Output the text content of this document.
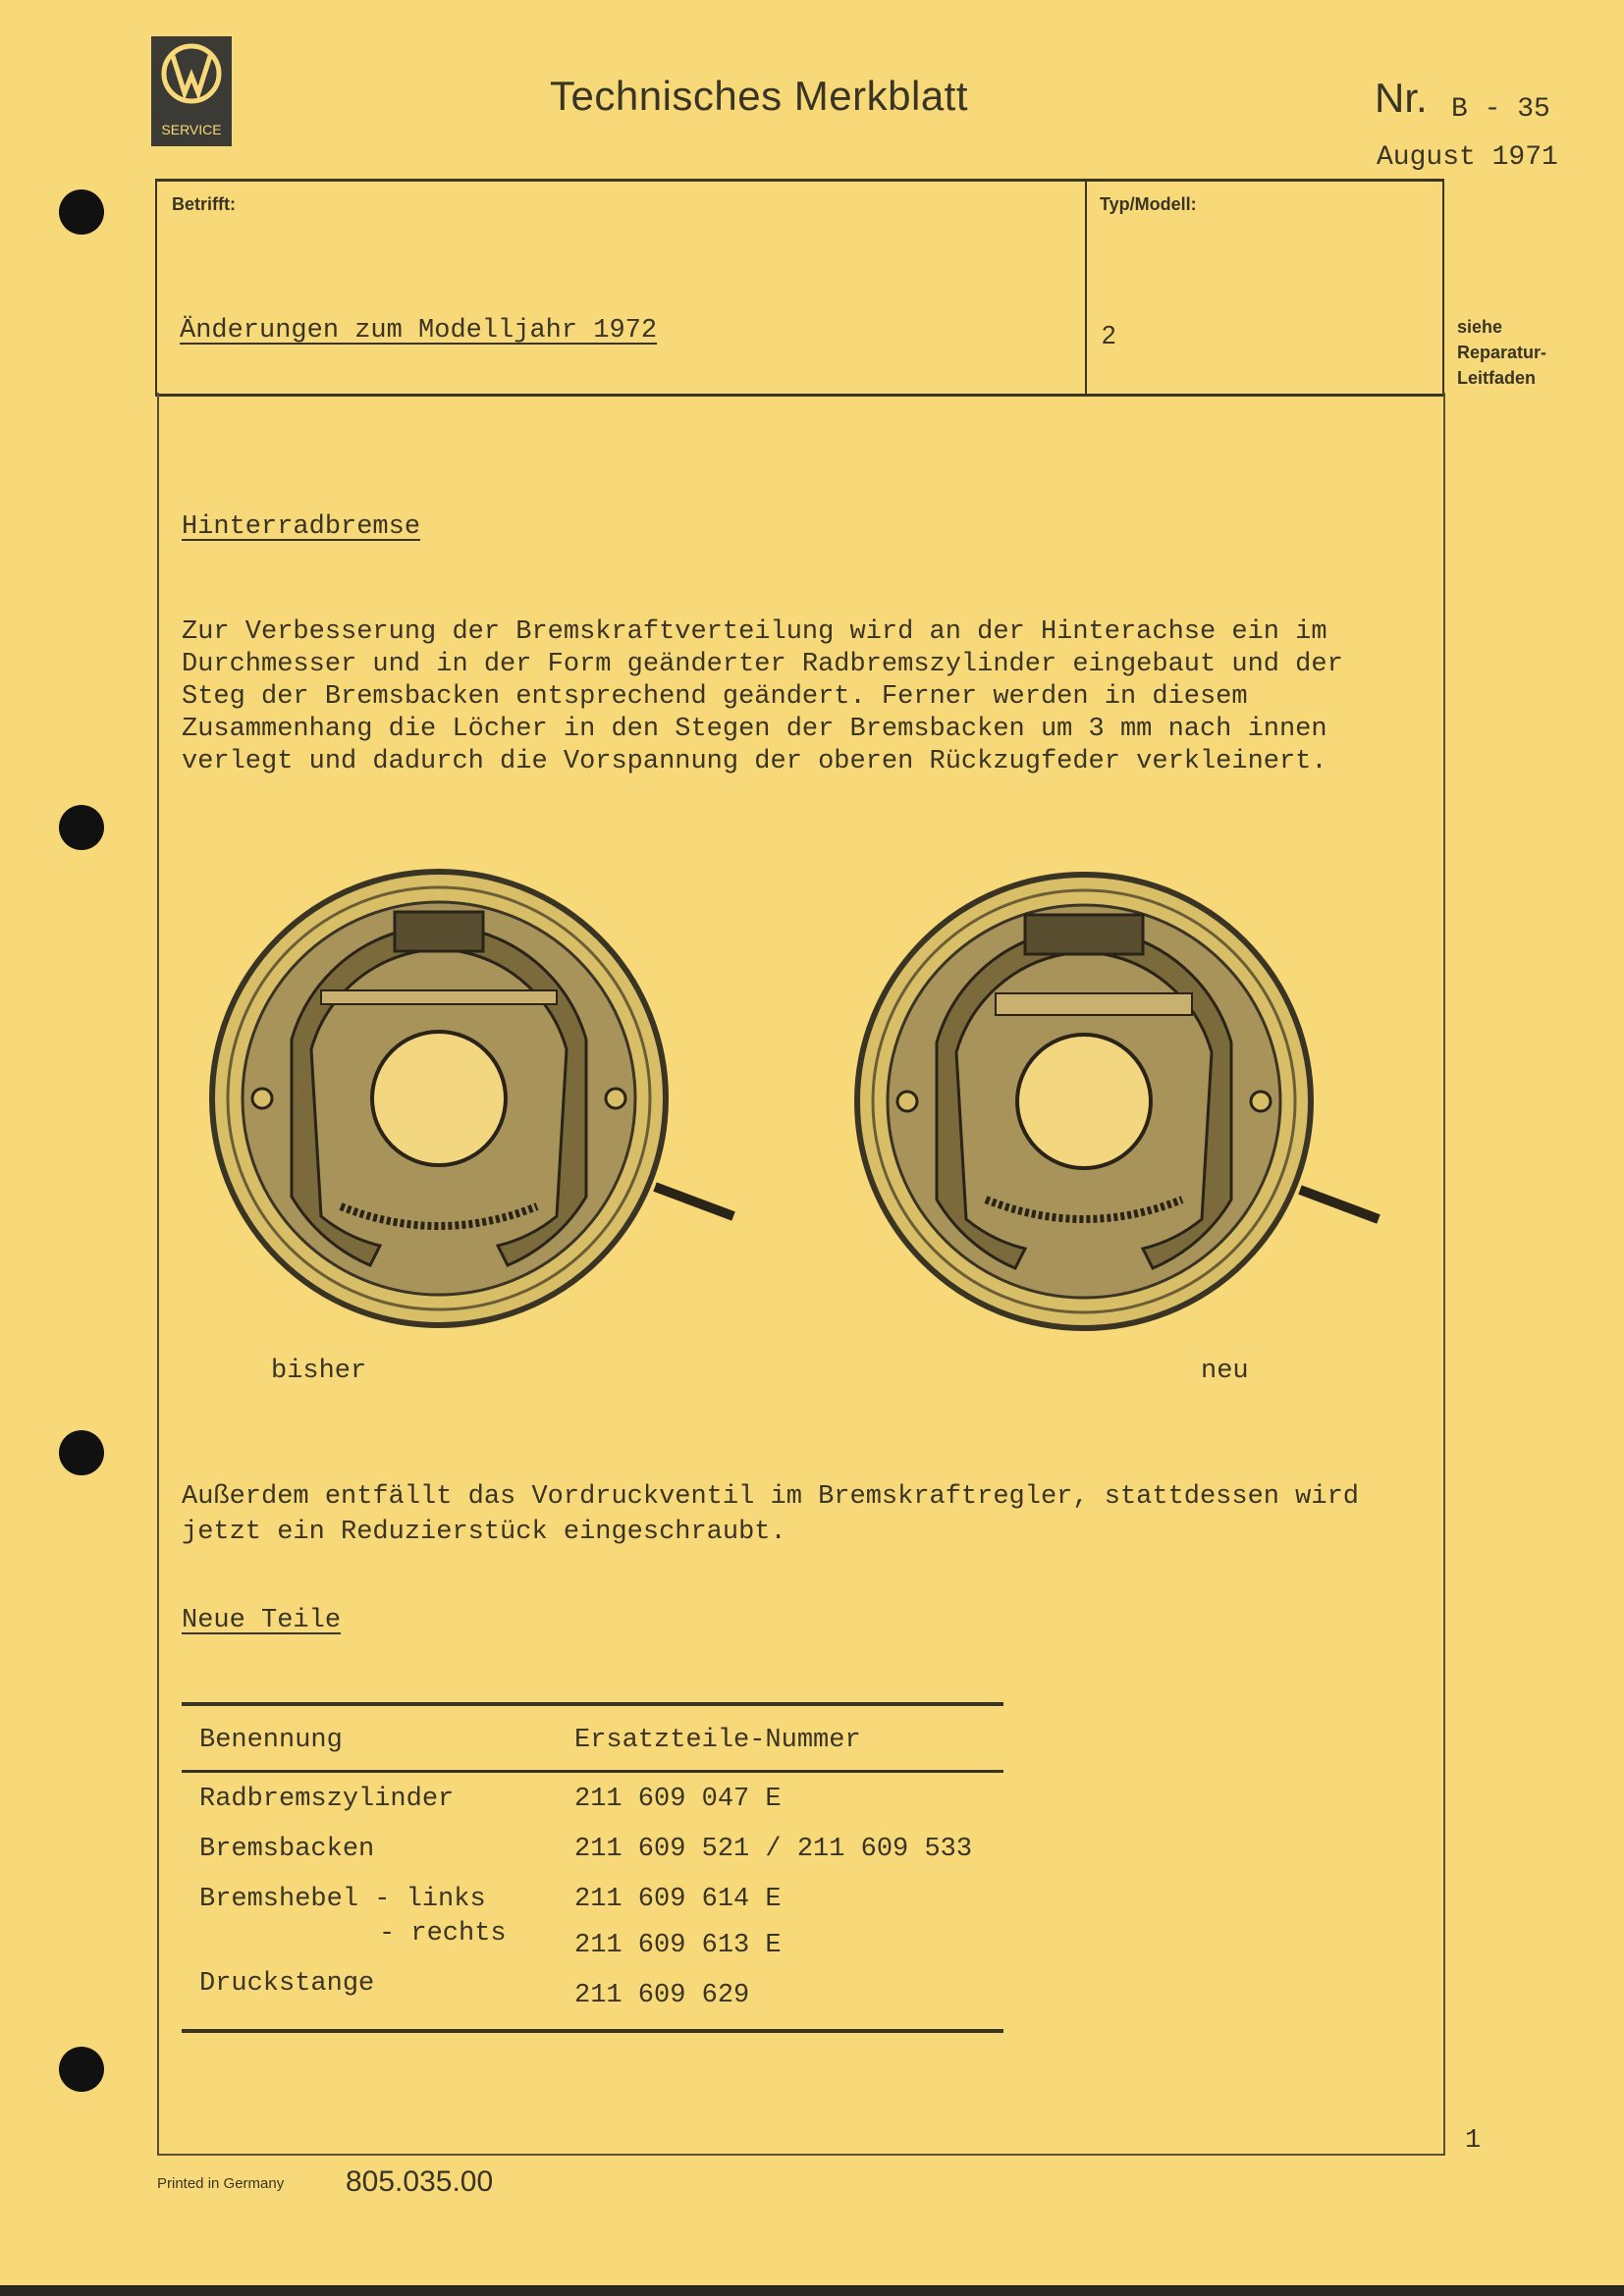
SERVICE
Technisches Merkblatt	Nr. B - 35
August 1971
Betrifft:
Änderungen zum Modelljahr 1972
Typ/Modell:
2	siehe
Reparatur-
Leitfaden
Hinterradbremse
Zur Verbesserung der Bremskraftverteilung wird an der Hinterachse ein im
Durchmesser und in der Form geänderter Radbremszylinder eingebaut und der
Steg der Bremsbacken entsprechend geändert. Ferner werden in diesem
Zusammenhang die Löcher in den Stegen der Bremsbacken um 3 mm nach innen
verlegt und dadurch die Vorspannung der oberen Rückzugfeder verkleinert.
bisher	neu
Außerdem entfällt das Vordruckventil im Bremskraftregler, stattdessen wird
jetzt ein Reduzierstück eingeschraubt.
Neue Teile
Benennung	Ersatzteile-Nummer
Radbremszylinder	211 609 047 E
Bremsbacken	211 609 521 / 211 609 533
Bremshebel - links	211 609 614 E
- rechts	211 609 613 E
Druckstange	211 609 629
1
Printed in Germany 805.035.00
